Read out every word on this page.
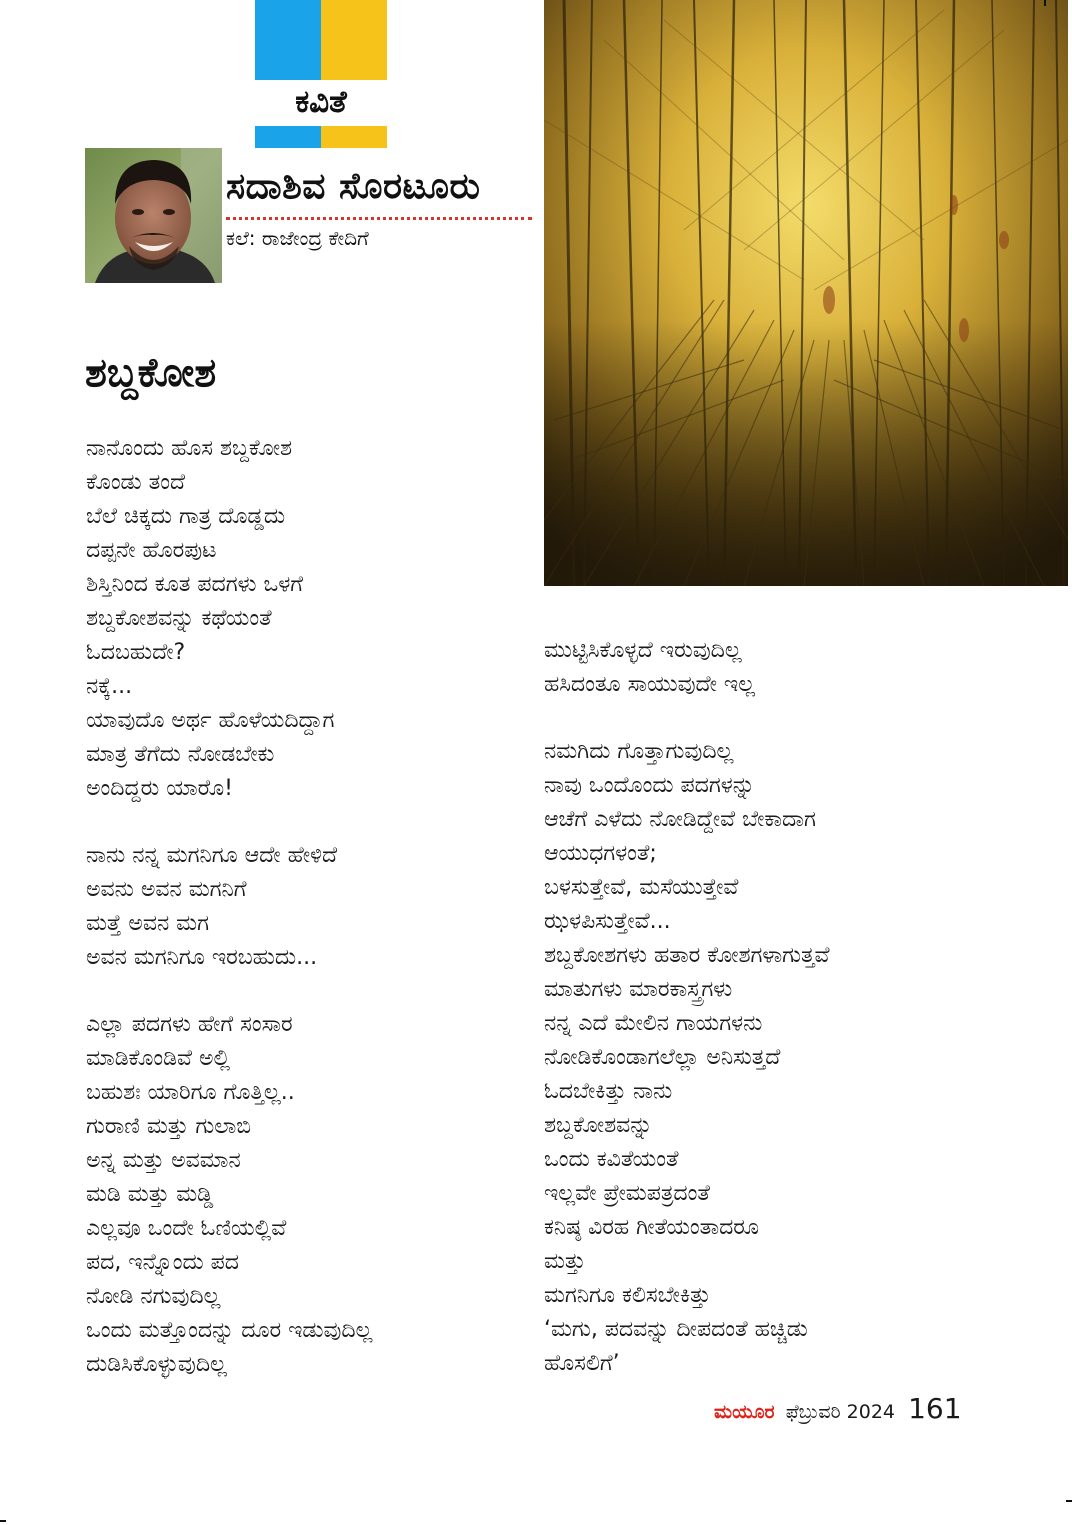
ಕವಿತೆ
ಸದಾಶಿವ ಸೊರಟೂರು
ಕಲೆ: ರಾಜೇಂದ್ರ ಕೇದಿಗೆ
ಶಬ್ದಕೋಶ
ನಾನೊಂದು ಹೊಸ ಶಬ್ದಕೋಶ
ಕೊಂಡು ತಂದೆ
ಬೆಲೆ ಚಿಕ್ಕದು ಗಾತ್ರ ದೊಡ್ಡದು
ದಪ್ಪನೇ ಹೊರಪುಟ
ಶಿಸ್ತಿನಿಂದ ಕೂತ ಪದಗಳು ಒಳಗೆ
ಶಬ್ದಕೋಶವನ್ನು ಕಥೆಯಂತೆ
ಓದಬಹುದೇ?
ನಕ್ಕೆ...
ಯಾವುದೊ ಅರ್ಥ ಹೊಳೆಯದಿದ್ದಾಗ
ಮಾತ್ರ ತೆಗೆದು ನೋಡಬೇಕು
ಅಂದಿದ್ದರು ಯಾರೊ!
ನಾನು ನನ್ನ ಮಗನಿಗೂ ಆದೇ ಹೇಳಿದೆ
ಅವನು ಅವನ ಮಗನಿಗೆ
ಮತ್ತೆ ಅವನ ಮಗ
ಅವನ ಮಗನಿಗೂ ಇರಬಹುದು...
ಎಲ್ಲಾ ಪದಗಳು ಹೇಗೆ ಸಂಸಾರ
ಮಾಡಿಕೊಂಡಿವೆ ಅಲ್ಲಿ
ಬಹುಶಃ ಯಾರಿಗೂ ಗೊತ್ತಿಲ್ಲ..
ಗುರಾಣಿ ಮತ್ತು ಗುಲಾಬಿ
ಅನ್ನ ಮತ್ತು ಅವಮಾನ
ಮಡಿ ಮತ್ತು ಮಡ್ಡಿ
ಎಲ್ಲವೂ ಒಂದೇ ಓಣಿಯಲ್ಲಿವೆ
ಪದ, ಇನ್ನೊಂದು ಪದ
ನೋಡಿ ನಗುವುದಿಲ್ಲ
ಒಂದು ಮತ್ತೊಂದನ್ನು ದೂರ ಇಡುವುದಿಲ್ಲ
ದುಡಿಸಿಕೊಳ್ಳುವುದಿಲ್ಲ
ಮುಟ್ಟಿಸಿಕೊಳ್ಳದೆ ಇರುವುದಿಲ್ಲ
ಹಸಿದಂತೂ ಸಾಯುವುದೇ ಇಲ್ಲ
ನಮಗಿದು ಗೊತ್ತಾಗುವುದಿಲ್ಲ
ನಾವು ಒಂದೊಂದು ಪದಗಳನ್ನು
ಆಚೆಗೆ ಎಳೆದು ನೋಡಿದ್ದೇವೆ ಬೇಕಾದಾಗ
ಆಯುಧಗಳಂತೆ;
ಬಳಸುತ್ತೇವೆ, ಮಸೆಯುತ್ತೇವೆ
ಝಳಪಿಸುತ್ತೇವೆ...
ಶಬ್ದಕೋಶಗಳು ಹತಾರ ಕೋಶಗಳಾಗುತ್ತವೆ
ಮಾತುಗಳು ಮಾರಕಾಸ್ತ್ರಗಳು
ನನ್ನ ಎದೆ ಮೇಲಿನ ಗಾಯಗಳನು
ನೋಡಿಕೊಂಡಾಗಲೆಲ್ಲಾ ಅನಿಸುತ್ತದೆ
ಓದಬೇಕಿತ್ತು ನಾನು
ಶಬ್ದಕೋಶವನ್ನು
ಒಂದು ಕವಿತೆಯಂತೆ
ಇಲ್ಲವೇ ಪ್ರೇಮಪತ್ರದಂತೆ
ಕನಿಷ್ಠ ವಿರಹ ಗೀತೆಯಂತಾದರೂ
ಮತ್ತು
ಮಗನಿಗೂ ಕಲಿಸಬೇಕಿತ್ತು
‘ಮಗು, ಪದವನ್ನು ದೀಪದಂತೆ ಹಚ್ಚಿಡು
ಹೊಸಲಿಗೆ’
ಮಯೂರ ಫೆಬ್ರುವರಿ 2024 161
